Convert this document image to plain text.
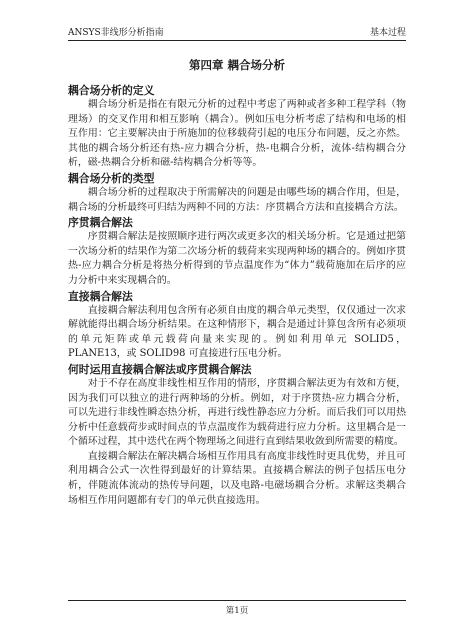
ANSYS非线形分析指南	基本过程
第四章 耦合场分析
耦合场分析的定义

耦合场分析是指在有限元分析的过程中考虑了两种或者多种工程学科（物理场）的交叉作用和相互影响（耦合）。例如压电分析考虑了结构和电场的相互作用：它主要解决由于所施加的位移载荷引起的电压分布问题，反之亦然。其他的耦合场分析还有热-应力耦合分析，热-电耦合分析，流体-结构耦合分析，磁-热耦合分析和磁-结构耦合分析等等。

耦合场分析的类型

耦合场分析的过程取决于所需解决的问题是由哪些场的耦合作用，但是，耦合场的分析最终可归结为两种不同的方法：序贯耦合方法和直接耦合方法。

序贯耦合解法

序贯耦合解法是按照顺序进行两次或更多次的相关场分析。它是通过把第一次场分析的结果作为第二次场分析的载荷来实现两种场的耦合的。例如序贯热-应力耦合分析是将热分析得到的节点温度作为“体力”载荷施加在后序的应力分析中来实现耦合的。

直接耦合解法

直接耦合解法利用包含所有必须自由度的耦合单元类型，仅仅通过一次求解就能得出耦合场分析结果。在这种情形下，耦合是通过计算包含所有必须项的单元矩阵或单元载荷向量来实现的。例如利用单元 SOLID5，PLANE13，或 SOLID98 可直接进行压电分析。

何时运用直接耦合解法或序贯耦合解法

对于不存在高度非线性相互作用的情形，序贯耦合解法更为有效和方便，因为我们可以独立的进行两种场的分析。例如，对于序贯热-应力耦合分析，可以先进行非线性瞬态热分析，再进行线性静态应力分析。而后我们可以用热分析中任意载荷步或时间点的节点温度作为载荷进行应力分析。这里耦合是一个循环过程，其中迭代在两个物理场之间进行直到结果收敛到所需要的精度。

直接耦合解法在解决耦合场相互作用具有高度非线性时更具优势，并且可利用耦合公式一次性得到最好的计算结果。直接耦合解法的例子包括压电分析，伴随流体流动的热传导问题，以及电路-电磁场耦合分析。求解这类耦合场相互作用问题都有专门的单元供直接选用。

第1页
